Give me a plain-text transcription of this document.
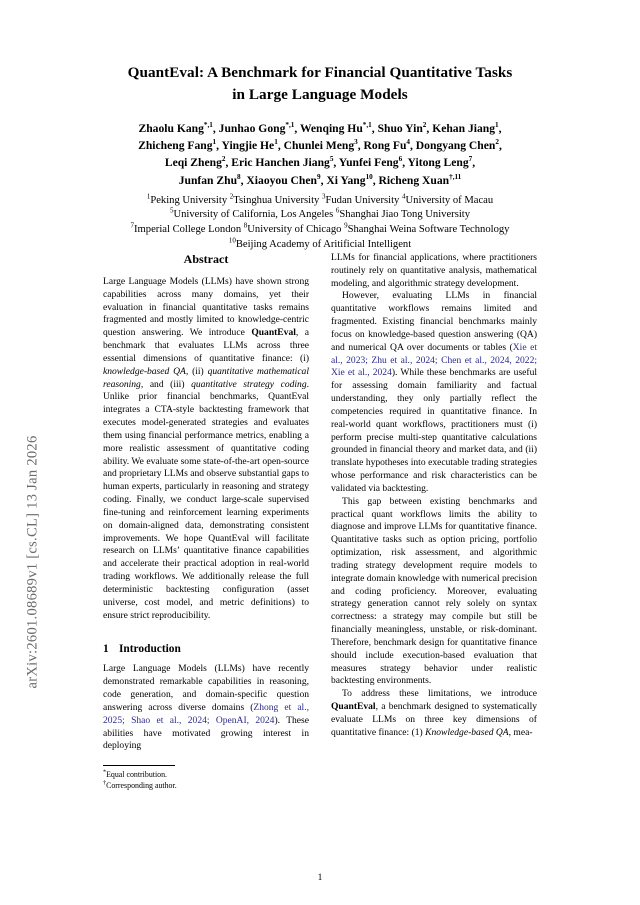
arXiv:2601.08689v1 [cs.CL] 13 Jan 2026
QuantEval: A Benchmark for Financial Quantitative Tasks
in Large Language Models
Zhaolu Kang$^{*,1}$, Junhao Gong$^{*,1}$, Wenqing $Hu^{*,1}$, Shuo Yin$^2$, Kehan Jiang$^1$,
Zhicheng Fang$^1$, Yingjie He$^1$, Chunlei Meng$^3$, Rong Fu$^4$, Dongyang Chen$^2$,
Leqi Zheng$^2$, Eric Hanchen Jiang$^5$, Yunfei Feng$^6$, Yitong Leng$^7$,
Junfan Zhu$^8$, Xiaoyou Chen$^9$, Xi Yang$^{10}$, Richeng Xuan$^{\dagger,11}$
$^1$Peking University $^2$Tsinghua University $^3$Fudan University $^4$University of Macau
$^5$University of California, Los Angeles $^6$Shanghai Jiao Tong University
$^7$Imperial College London $^8$University of Chicago $^9$Shanghai Weina Software Technology
$^{10}$Beijing Academy of Aritificial Intelligent
Abstract

Large Language Models (LLMs) have shown strong capabilities across many domains, yet their evaluation in financial quantitative tasks remains fragmented and mostly limited to knowledge-centric question answering. We introduce QuantEval, a benchmark that evaluates LLMs across three essential dimensions of quantitative finance: (i) knowledge-based QA, (ii) quantitative mathematical reasoning, and (iii) quantitative strategy coding. Unlike prior financial benchmarks, QuantEval integrates a CTA-style backtesting framework that executes model-generated strategies and evaluates them using financial performance metrics, enabling a more realistic assessment of quantitative coding ability. We evaluate some state-of-the-art open-source and proprietary LLMs and observe substantial gaps to human experts, particularly in reasoning and strategy coding. Finally, we conduct large-scale supervised fine-tuning and reinforcement learning experiments on domain-aligned data, demonstrating consistent improvements. We hope QuantEval will facilitate research on LLMs’ quantitative finance capabilities and accelerate their practical adoption in real-world trading workflows. We additionally release the full deterministic backtesting configuration (asset universe, cost model, and metric definitions) to ensure strict reproducibility.

1 Introduction

Large Language Models (LLMs) have recently demonstrated remarkable capabilities in reasoning, code generation, and domain-specific question answering across diverse domains (Zhong et al., 2025; Shao et al., 2024; OpenAI, 2024). These abilities have motivated growing interest in deploying

*Equal contribution.

†Corresponding author.

LLMs for financial applications, where practitioners routinely rely on quantitative analysis, mathematical modeling, and algorithmic strategy development.

However, evaluating LLMs in financial quantitative workflows remains limited and fragmented. Existing financial benchmarks mainly focus on knowledge-based question answering (QA) and numerical QA over documents or tables (Xie et al., 2023; Zhu et al., 2024; Chen et al., 2024, 2022; Xie et al., 2024). While these benchmarks are useful for assessing domain familiarity and factual understanding, they only partially reflect the competencies required in quantitative finance. In real-world quant workflows, practitioners must (i) perform precise multi-step quantitative calculations grounded in financial theory and market data, and (ii) translate hypotheses into executable trading strategies whose performance and risk characteristics can be validated via backtesting.

This gap between existing benchmarks and practical quant workflows limits the ability to diagnose and improve LLMs for quantitative finance. Quantitative tasks such as option pricing, portfolio optimization, risk assessment, and algorithmic trading strategy development require models to integrate domain knowledge with numerical precision and coding proficiency. Moreover, evaluating strategy generation cannot rely solely on syntax correctness: a strategy may compile but still be financially meaningless, unstable, or risk-dominant. Therefore, benchmark design for quantitative finance should include execution-based evaluation that measures strategy behavior under realistic backtesting environments.

To address these limitations, we introduce QuantEval, a benchmark designed to systematically evaluate LLMs on three key dimensions of quantitative finance: (1) Knowledge-based QA, mea-

1
